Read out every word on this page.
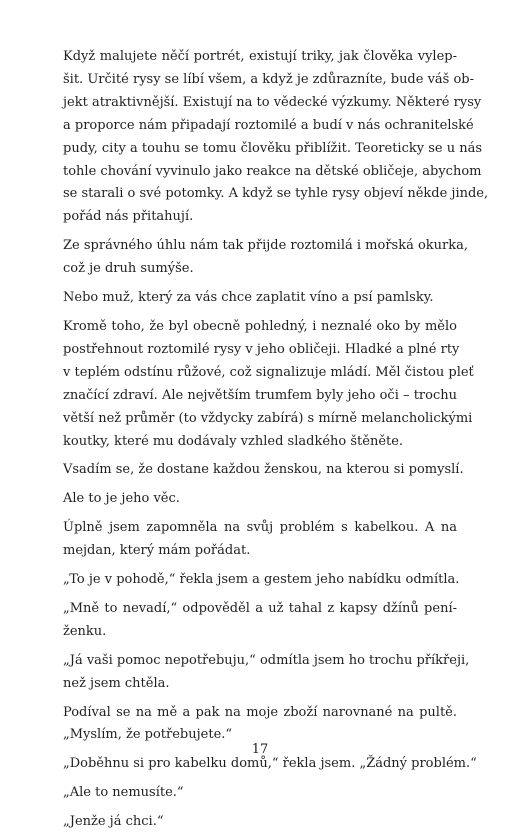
Když malujete něčí portrét, existují triky, jak člověka vylep-
šit. Určité rysy se líbí všem, a když je zdůrazníte, bude váš ob-
jekt atraktivnější. Existují na to vědecké výzkumy. Některé rysy
a proporce nám připadají roztomilé a budí v nás ochranitelské
pudy, city a touhu se tomu člověku přiblížit. Teoreticky se u nás
tohle chování vyvinulo jako reakce na dětské obličeje, abychom
se starali o své potomky. A když se tyhle rysy objeví někde jinde,
pořád nás přitahují.

Ze správného úhlu nám tak přijde roztomilá i mořská okurka,
což je druh sumýše.

Nebo muž, který za vás chce zaplatit víno a psí pamlsky.

Kromě toho, že byl obecně pohledný, i neznalé oko by mělo
postřehnout roztomilé rysy v jeho obličeji. Hladké a plné rty
v teplém odstínu růžové, což signalizuje mládí. Měl čistou pleť
značící zdraví. Ale největším trumfem byly jeho oči – trochu
větší než průměr (to vždycky zabírá) s mírně melancholickými
koutky, které mu dodávaly vzhled sladkého štěněte.

Vsadím se, že dostane každou ženskou, na kterou si pomyslí.

Ale to je jeho věc.

Úplně jsem zapomněla na svůj problém s kabelkou. A na
mejdan, který mám pořádat.

„To je v pohodě,“ řekla jsem a gestem jeho nabídku odmítla.

„Mně to nevadí,“ odpověděl a už tahal z kapsy džínů pení-
ženku.

„Já vaši pomoc nepotřebuju,“ odmítla jsem ho trochu příkřeji,
než jsem chtěla.

Podíval se na mě a pak na moje zboží narovnané na pultě.
„Myslím, že potřebujete.“

„Doběhnu si pro kabelku domů,“ řekla jsem. „Žádný problém.“

„Ale to nemusíte.“

„Jenže já chci.“

17
